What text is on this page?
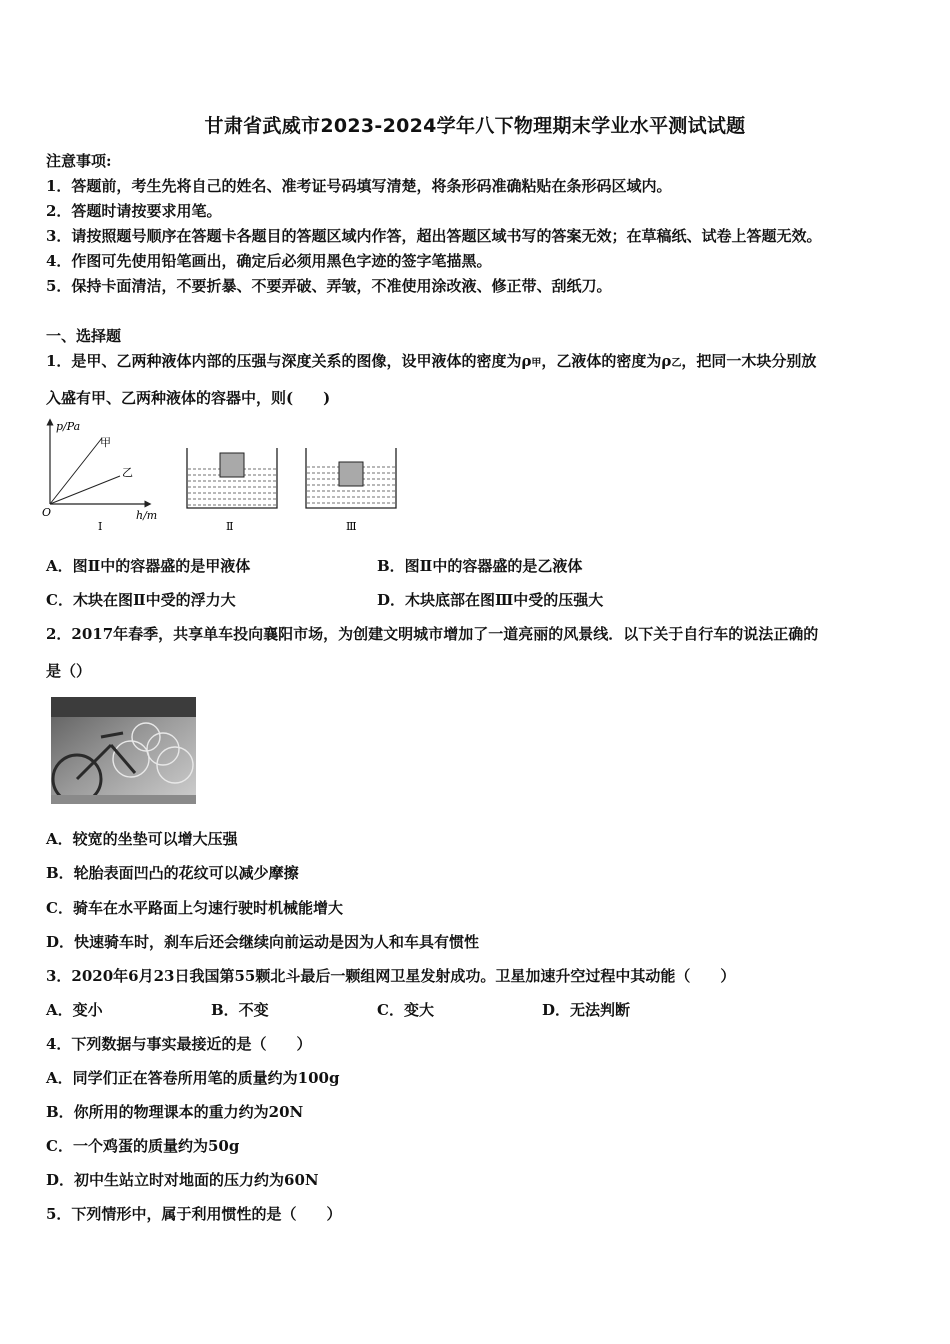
甘肃省武威市2023-2024学年八下物理期末学业水平测试试题
注意事项:
1．答题前，考生先将自己的姓名、准考证号码填写清楚，将条形码准确粘贴在条形码区域内。
2．答题时请按要求用笔。
3．请按照题号顺序在答题卡各题目的答题区域内作答，超出答题区域书写的答案无效；在草稿纸、试卷上答题无效。
4．作图可先使用铅笔画出，确定后必须用黑色字迹的签字笔描黑。
5．保持卡面清洁，不要折暴、不要弄破、弄皱，不准使用涂改液、修正带、刮纸刀。
一、选择题
1．是甲、乙两种液体内部的压强与深度关系的图像，设甲液体的密度为ρ甲，乙液体的密度为ρ乙，把同一木块分别放
入盛有甲、乙两种液体的容器中，则(　　)
p/Pa
h/m
O
甲
乙
Ⅰ	Ⅱ	Ⅲ
A．图Ⅱ中的容器盛的是甲液体	B．图Ⅱ中的容器盛的是乙液体
C．木块在图Ⅱ中受的浮力大	D．木块底部在图Ⅲ中受的压强大
2．2017年春季，共享单车投向襄阳市场，为创建文明城市增加了一道亮丽的风景线．以下关于自行车的说法正确的
是（）
A．较宽的坐垫可以增大压强
B．轮胎表面凹凸的花纹可以减少摩擦
C．骑车在水平路面上匀速行驶时机械能增大
D．快速骑车时，刹车后还会继续向前运动是因为人和车具有惯性
3．2020年6月23日我国第55颗北斗最后一颗组网卫星发射成功。卫星加速升空过程中其动能（　　）
A．变小	B．不变	C．变大	D．无法判断
4．下列数据与事实最接近的是（　　）
A．同学们正在答卷所用笔的质量约为100g
B．你所用的物理课本的重力约为20N
C．一个鸡蛋的质量约为50g
D．初中生站立时对地面的压力约为60N
5．下列情形中，属于利用惯性的是（　　）
